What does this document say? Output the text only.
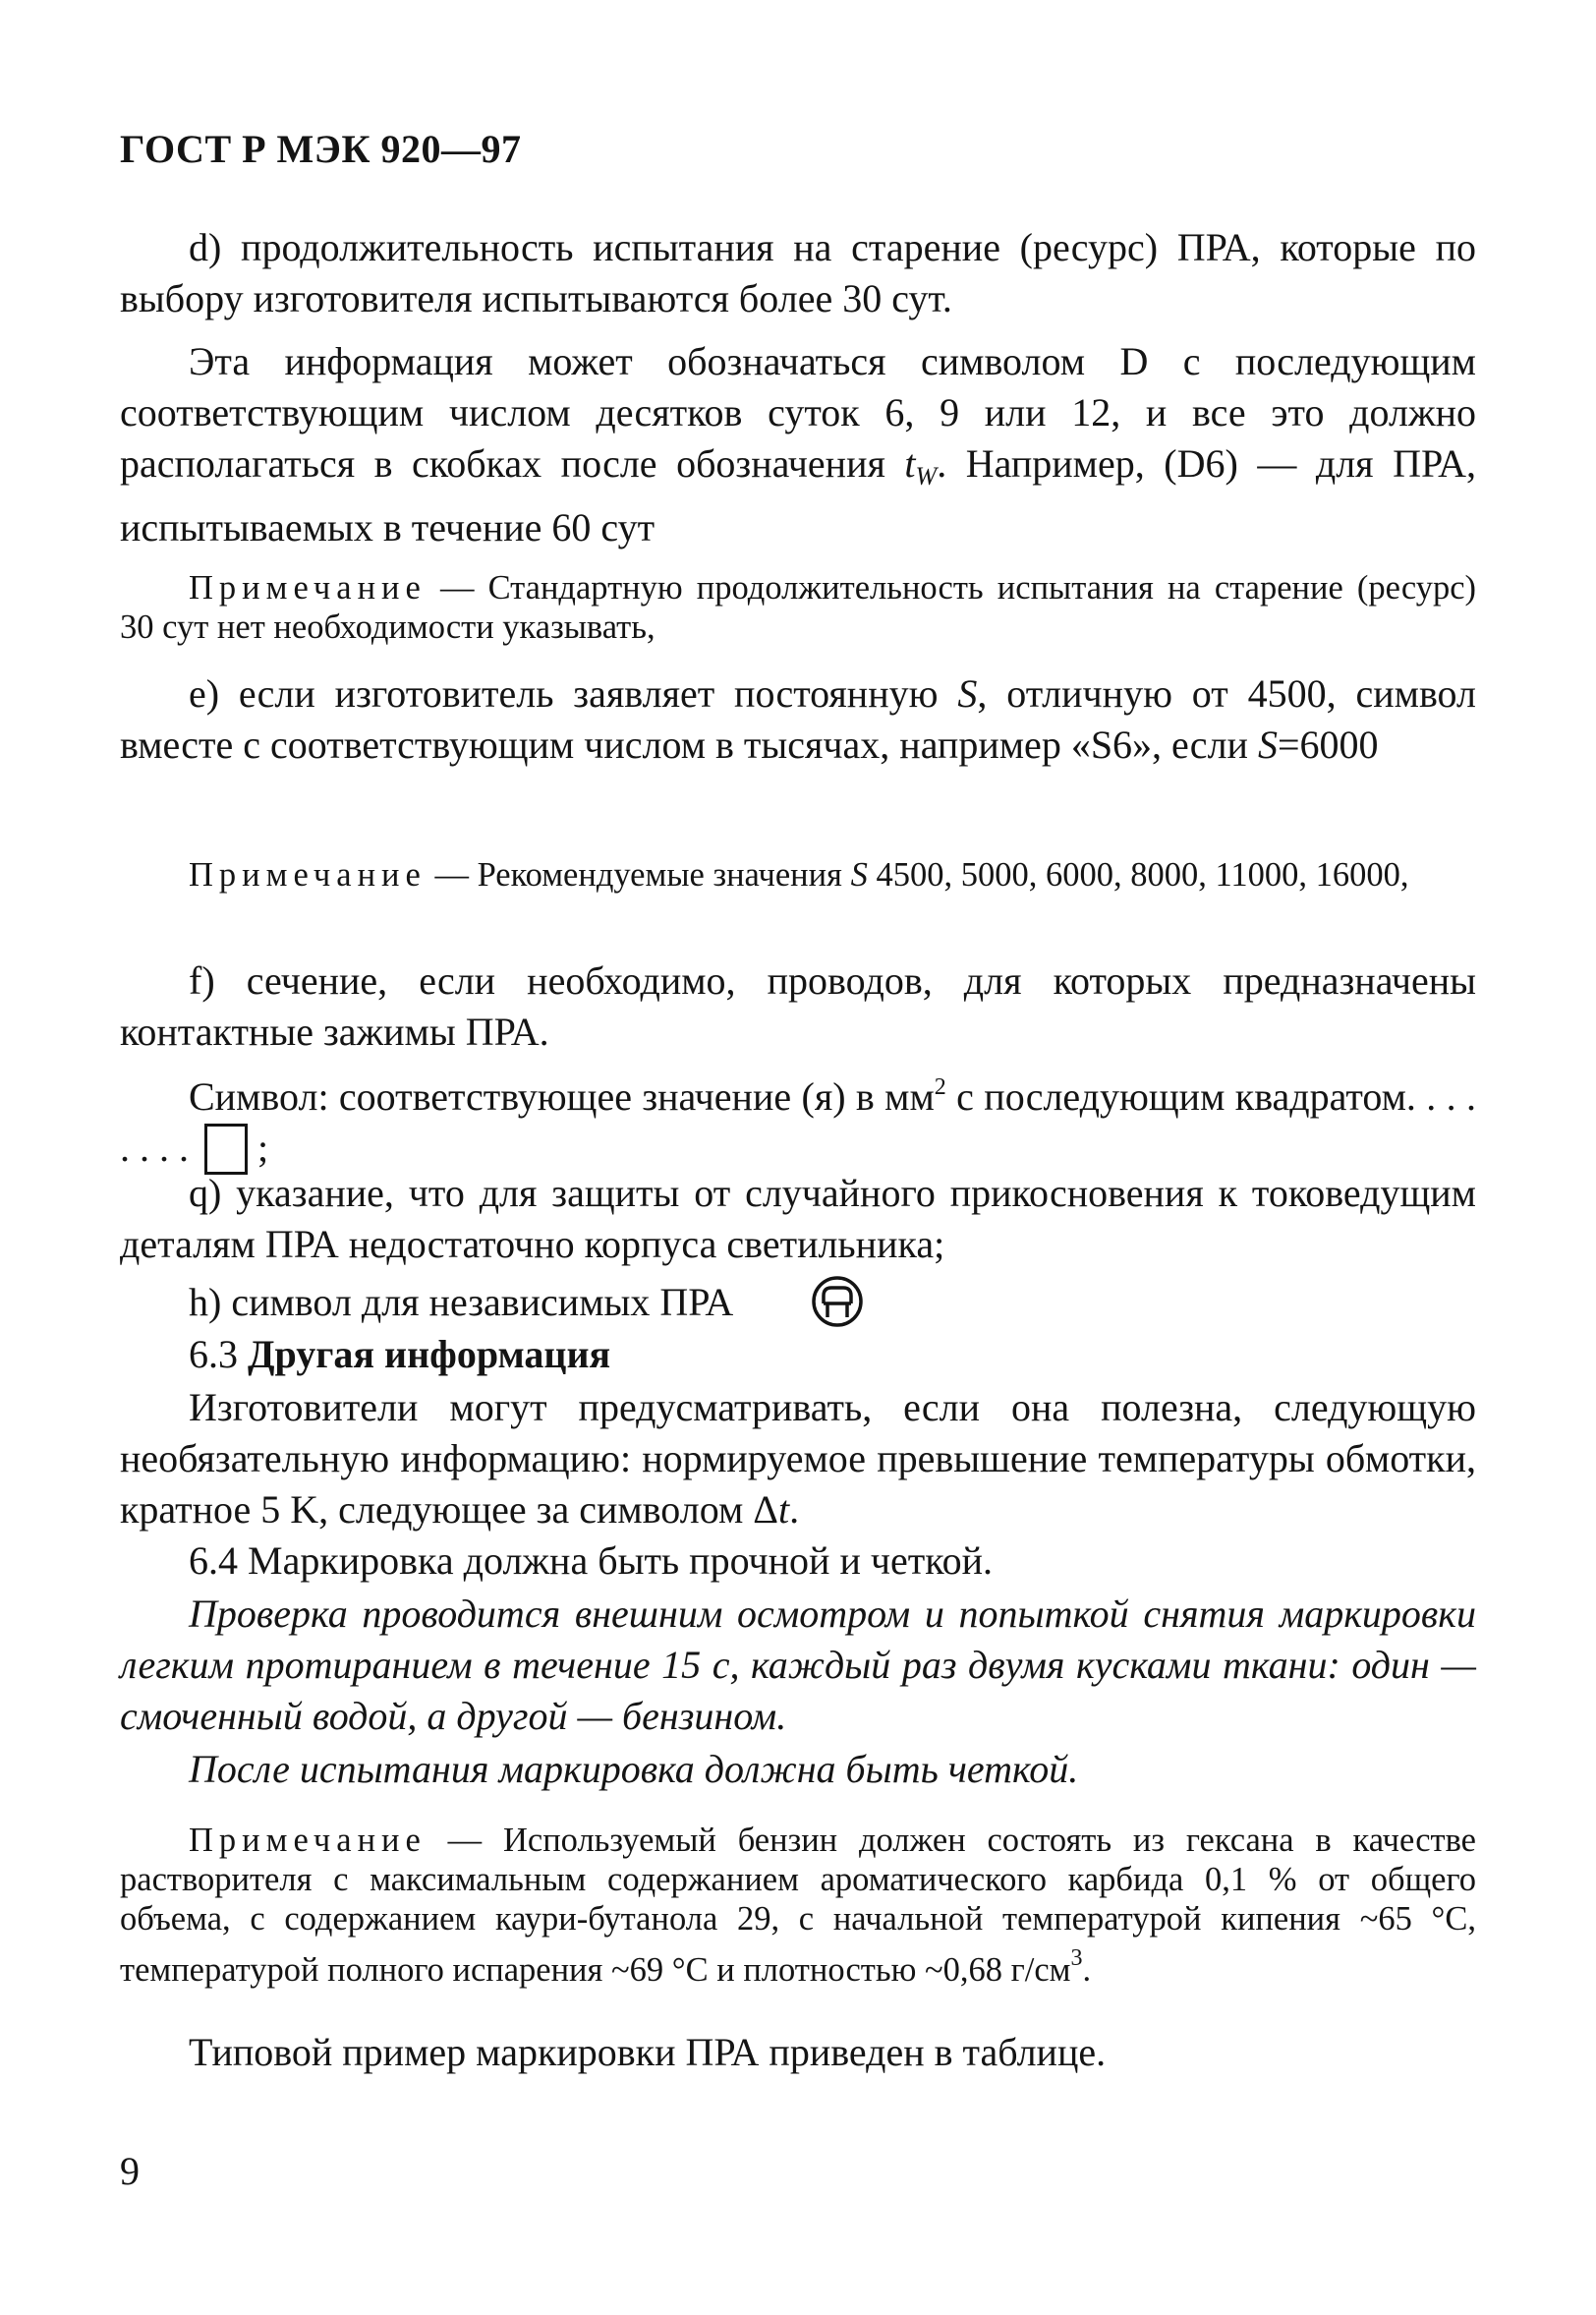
ГОСТ Р МЭК 920—97

d) продолжительность испытания на старение (ресурс) ПРА, которые по выбору изготовителя испытываются более 30 сут.

Эта информация может обозначаться символом D с последующим соответствующим числом десятков суток 6, 9 или 12, и все это должно располагаться в скобках после обозначения $t_W$. Например, (D6) — для ПРА, испытываемых в течение 60 сут

Примечание — Стандартную продолжительность испытания на старение (ресурс) 30 сут нет необходимости указывать,

е) если изготовитель заявляет постоянную S, отличную от 4500, символ вместе с соответствующим числом в тысячах, например «S6», если S=6000

Примечание — Рекомендуемые значения S 4500, 5000, 6000, 8000, 11000, 16000,

f) сечение, если необходимо, проводов, для которых предназначены контактные зажимы ПРА.

Символ: соответствующее значение (я) в $мм^2$ с последующим квадратом. . . . . . . .  ;

q) указание, что для защиты от случайного прикосновения к токоведущим деталям ПРА недостаточно корпуса светильника;

h) символ для независимых ПРА

6.3 Другая информация

Изготовители могут предусматривать, если она полезна, следующую необязательную информацию: нормируемое превышение температуры обмотки, кратное 5 K, следующее за символом Δt.

6.4 Маркировка должна быть прочной и четкой.

Проверка проводится внешним осмотром и попыткой снятия маркировки легким протиранием в течение 15 с, каждый раз двумя кусками ткани: один — смоченный водой, а другой — бензином.

После испытания маркировка должна быть четкой.

Примечание — Используемый бензин должен состоять из гексана в качестве растворителя с максимальным содержанием ароматического карбида 0,1 % от общего объема, с содержанием каури-бутанола 29, с начальной температурой кипения ~65 °С, температурой полного испарения ~69 °С и плотностью ~0,68 $г/см^3$.

Типовой пример маркировки ПРА приведен в таблице.

9
